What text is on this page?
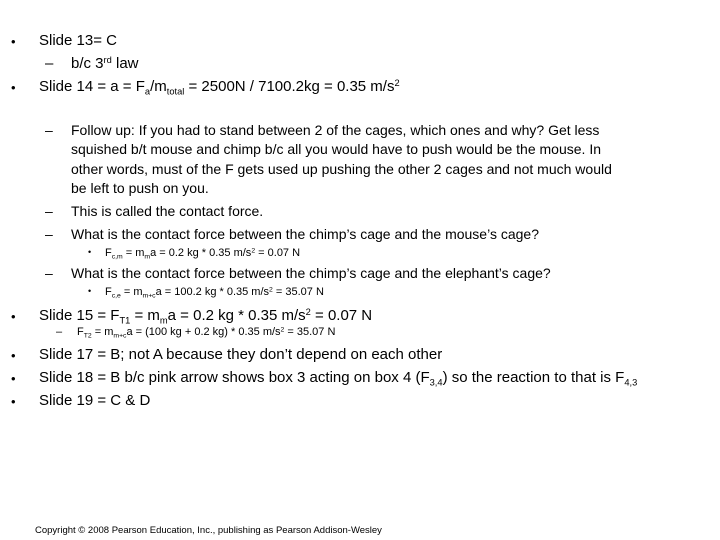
• Slide 13= C
– b/c 3rd law
• Slide $14 = a = F_a/m_{total} = 2500N / 7100.2kg = 0.35$ $m/s^2$
– Follow up: If you had to stand between 2 of the cages, which ones and why? Get less
squished b/t mouse and chimp b/c all you would have to push would be the mouse. In
other words, must of the F gets used up pushing the other 2 cages and not much would
be left to push on you.
– This is called the contact force.
– What is the contact force between the chimp’s cage and the mouse’s cage?
• $F_{c,m} = m_ma = 0.2$ kg * 0.35 $m/s^2 = 0.07$ N
– What is the contact force between the chimp’s cage and the elephant’s cage?
• $F_{c,e} = m_{m+c}a = 100.2$ kg * 0.35 $m/s^2 = 35.07$ N
• Slide $15 = F_{T1} = m_ma = 0.2$ kg * 0.35 $m/s^2 = 0.07$ N
– $F_{T2} = m_{m+c}a = (100$ kg + 0.2 kg) * 0.35 $m/s^2 = 35.07$ N
• Slide 17 = B; not A because they don’t depend on each other
• Slide 18 = B b/c pink arrow shows box 3 acting on box 4 $(F_{3,4})$ so the reaction to that is $F_{4,3}$
• Slide 19 = C & D
Copyright © 2008 Pearson Education, Inc., publishing as Pearson Addison-Wesley
